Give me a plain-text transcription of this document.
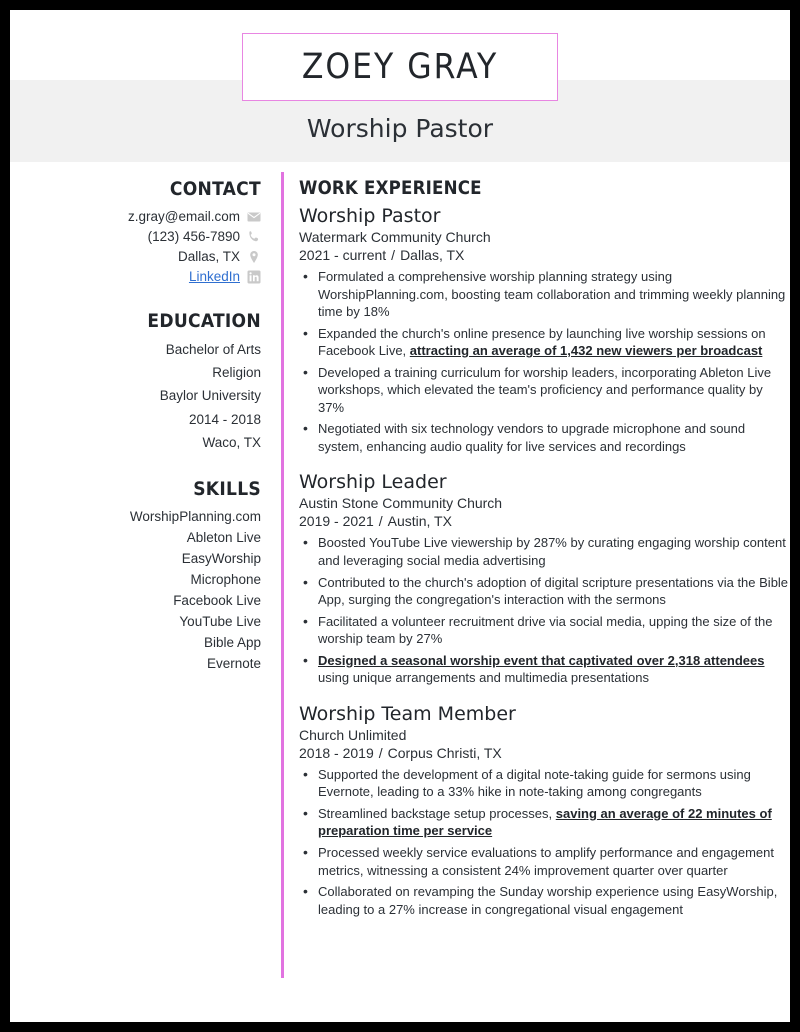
ZOEY GRAY
Worship Pastor
CONTACT
z.gray@email.com
(123) 456-7890
Dallas, TX
LinkedIn
EDUCATION
Bachelor of Arts
Religion
Baylor University
2014 - 2018
Waco, TX
SKILLS
WorshipPlanning.com
Ableton Live
EasyWorship
Microphone
Facebook Live
YouTube Live
Bible App
Evernote
WORK EXPERIENCE
Worship Pastor
Watermark Community Church
2021 - current / Dallas, TX
• Formulated a comprehensive worship planning strategy using WorshipPlanning.com, boosting team collaboration and trimming weekly planning time by 18%
• Expanded the church's online presence by launching live worship sessions on Facebook Live, attracting an average of 1,432 new viewers per broadcast
• Developed a training curriculum for worship leaders, incorporating Ableton Live workshops, which elevated the team's proficiency and performance quality by 37%
• Negotiated with six technology vendors to upgrade microphone and sound system, enhancing audio quality for live services and recordings
Worship Leader
Austin Stone Community Church
2019 - 2021 / Austin, TX
• Boosted YouTube Live viewership by 287% by curating engaging worship content and leveraging social media advertising
• Contributed to the church's adoption of digital scripture presentations via the Bible App, surging the congregation's interaction with the sermons
• Facilitated a volunteer recruitment drive via social media, upping the size of the worship team by 27%
• Designed a seasonal worship event that captivated over 2,318 attendees using unique arrangements and multimedia presentations
Worship Team Member
Church Unlimited
2018 - 2019 / Corpus Christi, TX
• Supported the development of a digital note-taking guide for sermons using Evernote, leading to a 33% hike in note-taking among congregants
• Streamlined backstage setup processes, saving an average of 22 minutes of preparation time per service
• Processed weekly service evaluations to amplify performance and engagement metrics, witnessing a consistent 24% improvement quarter over quarter
• Collaborated on revamping the Sunday worship experience using EasyWorship, leading to a 27% increase in congregational visual engagement
